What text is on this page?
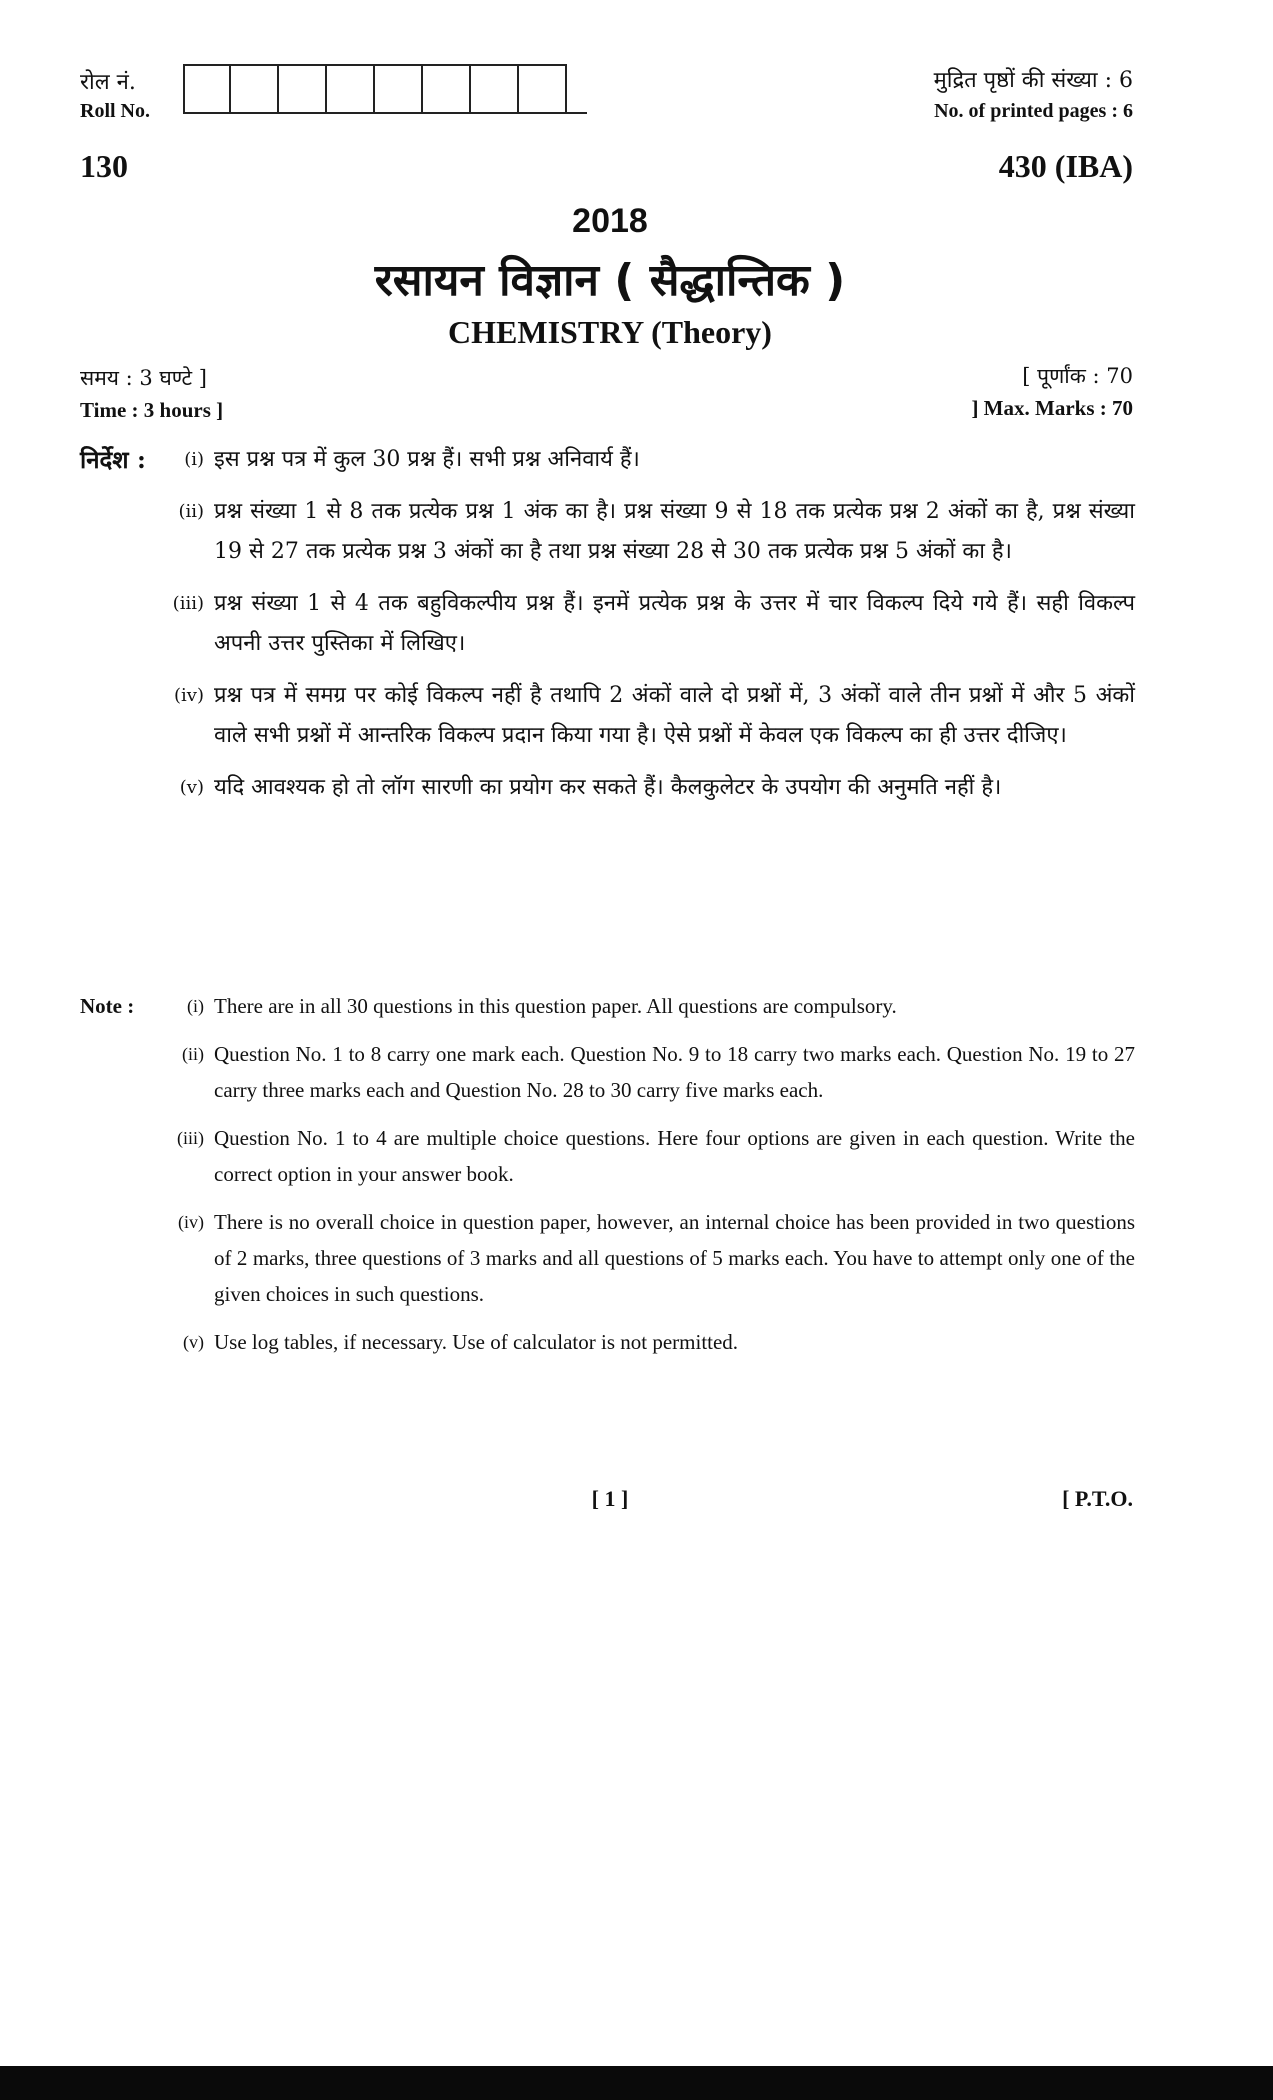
रोल नं.
Roll No.
मुद्रित पृष्ठों की संख्या : 6
No. of printed pages : 6
130	430 (IBA)
2018
रसायन विज्ञान ( सैद्धान्तिक )
CHEMISTRY (Theory)
समय : 3 घण्टे ]
Time : 3 hours ]
[ पूर्णांक : 70
] Max. Marks : 70
निर्देश :	(i) इस प्रश्न पत्र में कुल 30 प्रश्न हैं। सभी प्रश्न अनिवार्य हैं।
(ii) प्रश्न संख्या 1 से 8 तक प्रत्येक प्रश्न 1 अंक का है। प्रश्न संख्या 9 से 18 तक प्रत्येक प्रश्न 2 अंकों का है, प्रश्न संख्या 19 से 27 तक प्रत्येक प्रश्न 3 अंकों का है तथा प्रश्न संख्या 28 से 30 तक प्रत्येक प्रश्न 5 अंकों का है।
(iii) प्रश्न संख्या 1 से 4 तक बहुविकल्पीय प्रश्न हैं। इनमें प्रत्येक प्रश्न के उत्तर में चार विकल्प दिये गये हैं। सही विकल्प अपनी उत्तर पुस्तिका में लिखिए।
(iv) प्रश्न पत्र में समग्र पर कोई विकल्प नहीं है तथापि 2 अंकों वाले दो प्रश्नों में, 3 अंकों वाले तीन प्रश्नों में और 5 अंकों वाले सभी प्रश्नों में आन्तरिक विकल्प प्रदान किया गया है। ऐसे प्रश्नों में केवल एक विकल्प का ही उत्तर दीजिए।
(v) यदि आवश्यक हो तो लॉग सारणी का प्रयोग कर सकते हैं। कैलकुलेटर के उपयोग की अनुमति नहीं है।
Note :	(i) There are in all 30 questions in this question paper. All questions are compulsory.
(ii) Question No. 1 to 8 carry one mark each. Question No. 9 to 18 carry two marks each. Question No. 19 to 27 carry three marks each and Question No. 28 to 30 carry five marks each.
(iii) Question No. 1 to 4 are multiple choice questions. Here four options are given in each question. Write the correct option in your answer book.
(iv) There is no overall choice in question paper, however, an internal choice has been provided in two questions of 2 marks, three questions of 3 marks and all questions of 5 marks each. You have to attempt only one of the given choices in such questions.
(v) Use log tables, if necessary. Use of calculator is not permitted.
[ 1 ]	[ P.T.O.
